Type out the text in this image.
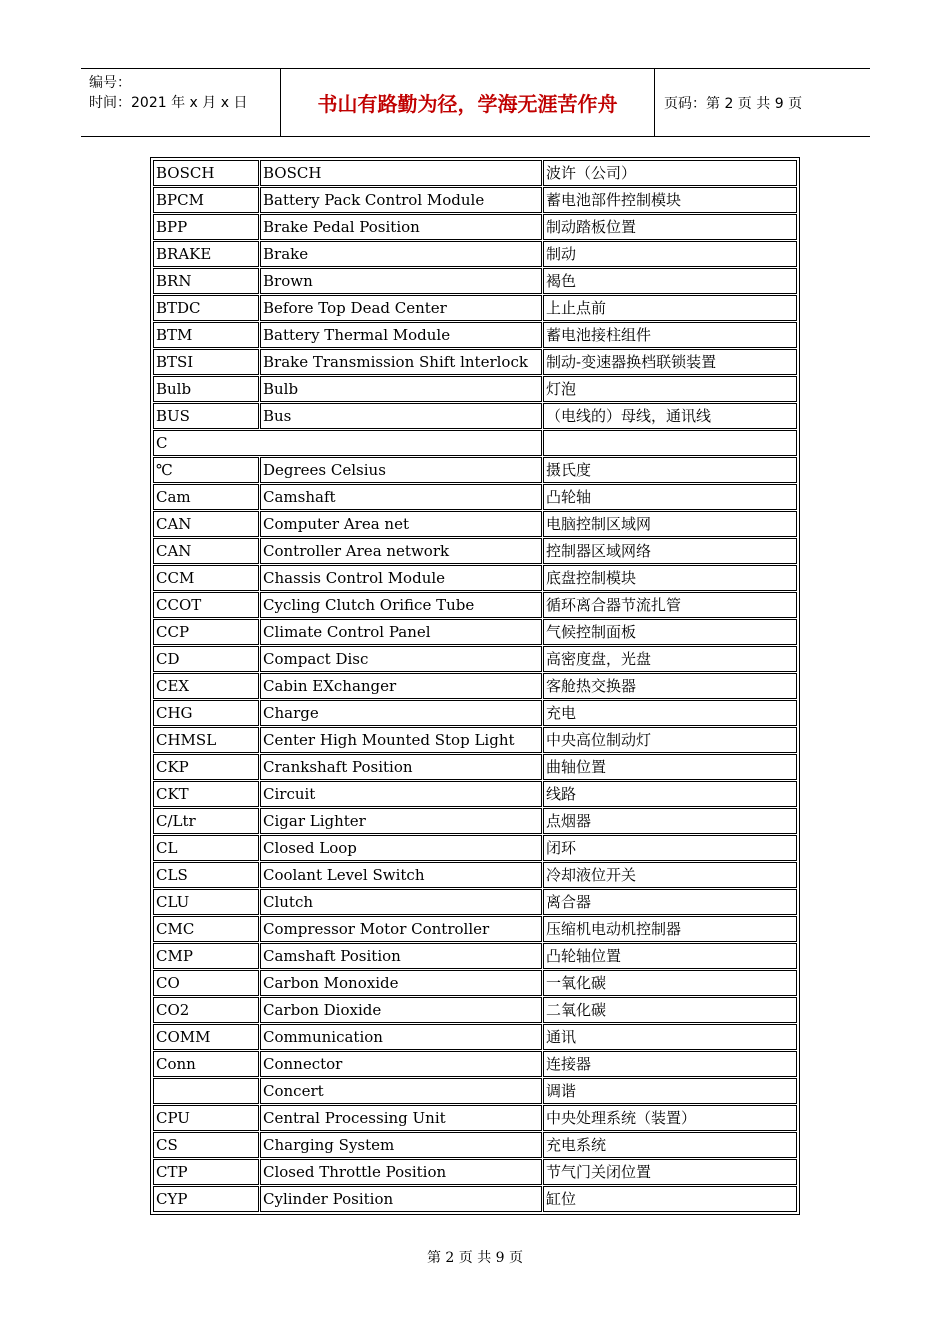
编号：
时间：2021 年 x 月 x 日	书山有路勤为径，学海无涯苦作舟	页码：第 2 页 共 9 页
BOSCH	BOSCH	波许（公司）
BPCM	Battery Pack Control Module	蓄电池部件控制模块
BPP	Brake Pedal Position	制动踏板位置
BRAKE	Brake	制动
BRN	Brown	褐色
BTDC	Before Top Dead Center	上止点前
BTM	Battery Thermal Module	蓄电池接柱组件
BTSI	Brake Transmission Shift lnterlock	制动-变速器换档联锁装置
Bulb	Bulb	灯泡
BUS	Bus	（电线的）母线，通讯线
C		
℃	Degrees Celsius	摄氏度
Cam	Camshaft	凸轮轴
CAN	Computer Area net	电脑控制区域网
CAN	Controller Area network	控制器区域网络
CCM	Chassis Control Module	底盘控制模块
CCOT	Cycling Clutch Orifice Tube	循环离合器节流扎管
CCP	Climate Control Panel	气候控制面板
CD	Compact Disc	高密度盘，光盘
CEX	Cabin EXchanger	客舱热交换器
CHG	Charge	充电
CHMSL	Center High Mounted Stop Light	中央高位制动灯
CKP	Crankshaft Position	曲轴位置
CKT	Circuit	线路
C/Ltr	Cigar Lighter	点烟器
CL	Closed Loop	闭环
CLS	Coolant Level Switch	冷却液位开关
CLU	Clutch	离合器
CMC	Compressor Motor Controller	压缩机电动机控制器
CMP	Camshaft Position	凸轮轴位置
CO	Carbon Monoxide	一氧化碳
CO2	Carbon Dioxide	二氧化碳
COMM	Communication	通讯
Conn	Connector	连接器
	Concert	调谐
CPU	Central Processing Unit	中央处理系统（装置）
CS	Charging System	充电系统
CTP	Closed Throttle Position	节气门关闭位置
CYP	Cylinder Position	缸位
第 2 页 共 9 页
